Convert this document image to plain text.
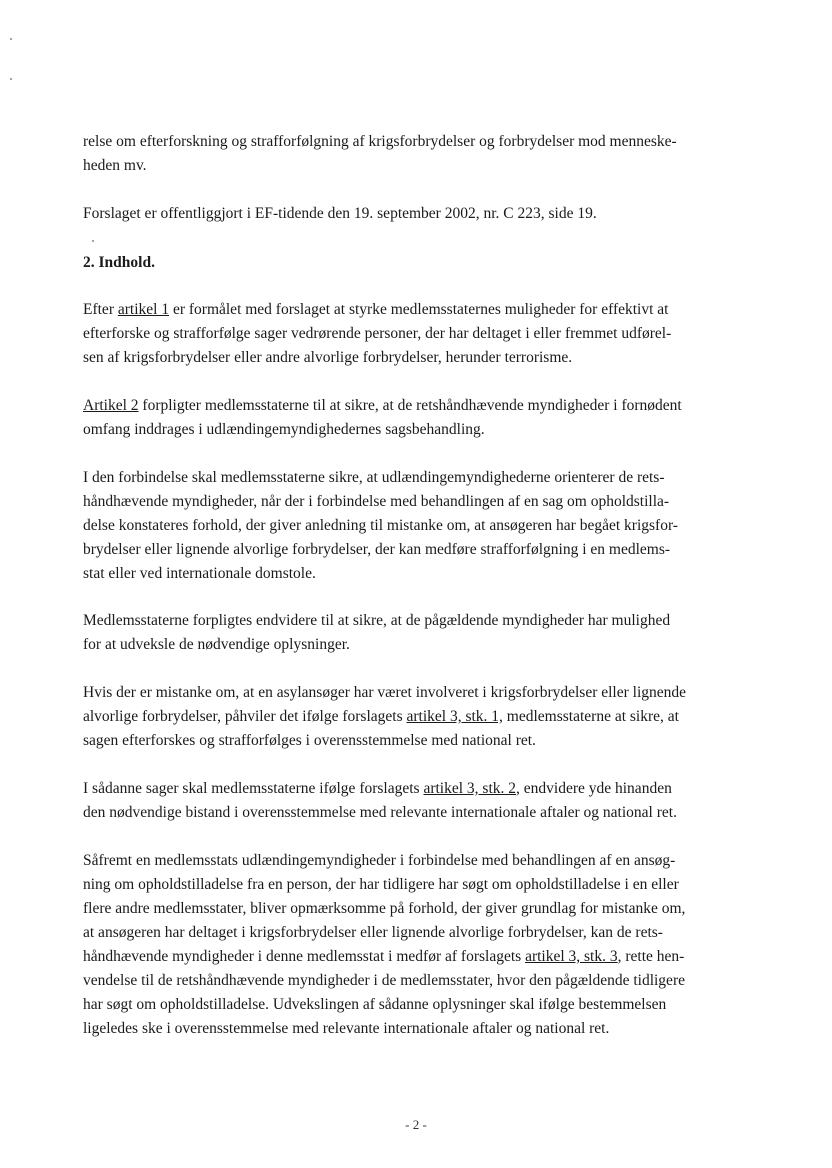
relse om efterforskning og strafforfølgning af krigsforbrydelser og forbrydelser mod menneske-
heden mv.
Forslaget er offentliggjort i EF-tidende den 19. september 2002, nr. C 223, side 19.
2. Indhold.
Efter artikel 1 er formålet med forslaget at styrke medlemsstaternes muligheder for effektivt at
efterforske og strafforfølge sager vedrørende personer, der har deltaget i eller fremmet udførel-
sen af krigsforbrydelser eller andre alvorlige forbrydelser, herunder terrorisme.
Artikel 2 forpligter medlemsstaterne til at sikre, at de retshåndhævende myndigheder i fornødent
omfang inddrages i udlændingemyndighedernes sagsbehandling.
I den forbindelse skal medlemsstaterne sikre, at udlændingemyndighederne orienterer de rets-
håndhævende myndigheder, når der i forbindelse med behandlingen af en sag om opholdstilla-
delse konstateres forhold, der giver anledning til mistanke om, at ansøgeren har begået krigsfor-
brydelser eller lignende alvorlige forbrydelser, der kan medføre strafforfølgning i en medlems-
stat eller ved internationale domstole.
Medlemsstaterne forpligtes endvidere til at sikre, at de pågældende myndigheder har mulighed
for at udveksle de nødvendige oplysninger.
Hvis der er mistanke om, at en asylansøger har været involveret i krigsforbrydelser eller lignende
alvorlige forbrydelser, påhviler det ifølge forslagets artikel 3, stk. 1, medlemsstaterne at sikre, at
sagen efterforskes og strafforfølges i overensstemmelse med national ret.
I sådanne sager skal medlemsstaterne ifølge forslagets artikel 3, stk. 2, endvidere yde hinanden
den nødvendige bistand i overensstemmelse med relevante internationale aftaler og national ret.
Såfremt en medlemsstats udlændingemyndigheder i forbindelse med behandlingen af en ansøg-
ning om opholdstilladelse fra en person, der har tidligere har søgt om opholdstilladelse i en eller
flere andre medlemsstater, bliver opmærksomme på forhold, der giver grundlag for mistanke om,
at ansøgeren har deltaget i krigsforbrydelser eller lignende alvorlige forbrydelser, kan de rets-
håndhævende myndigheder i denne medlemsstat i medfør af forslagets artikel 3, stk. 3, rette hen-
vendelse til de retshåndhævende myndigheder i de medlemsstater, hvor den pågældende tidligere
har søgt om opholdstilladelse. Udvekslingen af sådanne oplysninger skal ifølge bestemmelsen
ligeledes ske i overensstemmelse med relevante internationale aftaler og national ret.
- 2 -
